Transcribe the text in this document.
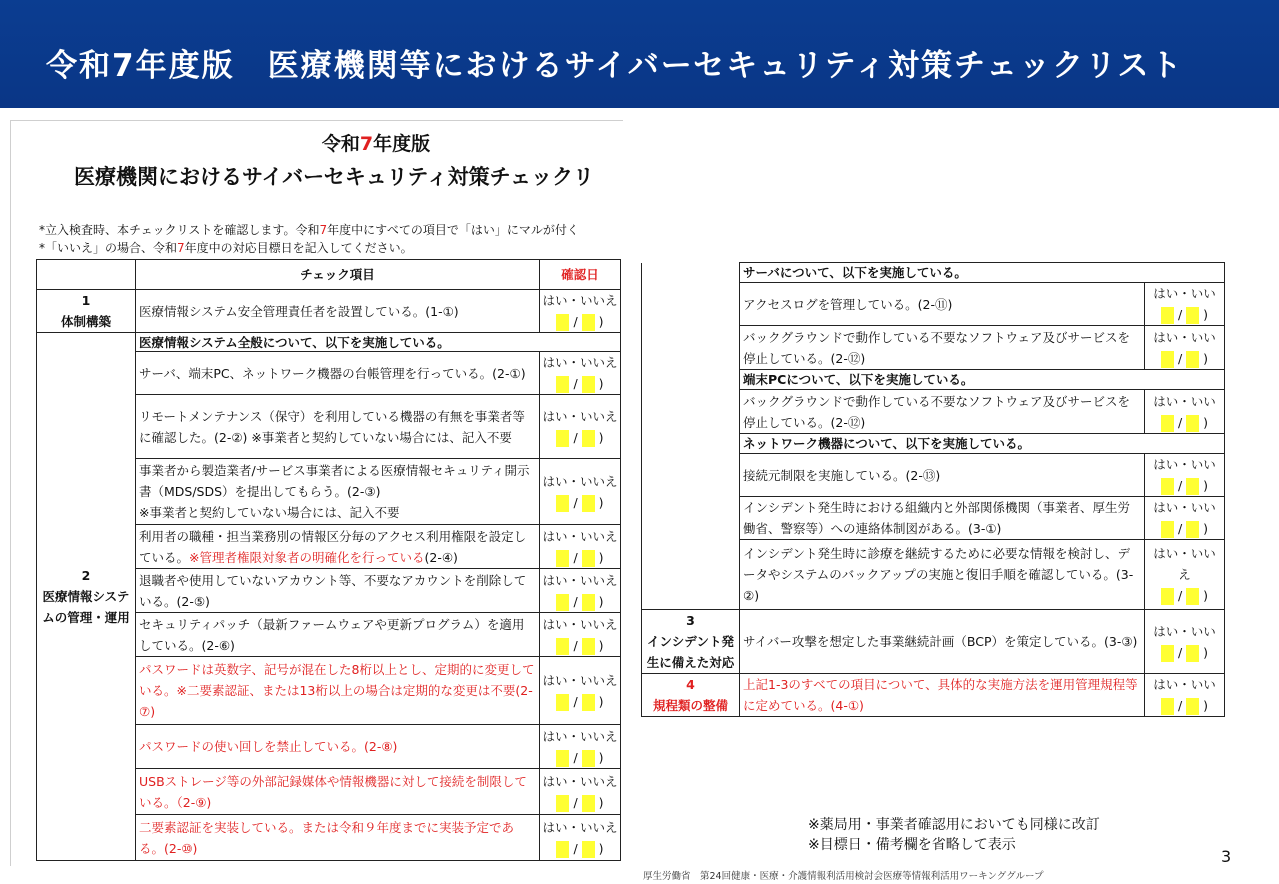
令和7年度版　医療機関等におけるサイバーセキュリティ対策チェックリスト
令和7年度版
医療機関におけるサイバーセキュリティ対策チェックリ
*立入検査時、本チェックリストを確認します。令和7年度中にすべての項目で「はい」にマルが付く
*「いいえ」の場合、令和7年度中の対応目標日を記入してください。
	チェック項目	確認日
1
体制構築	医療情報システム安全管理責任者を設置している。(1-①)	はい・いいえ
/  )

2
医療情報システムの管理・運用	医療情報システム全般について、以下を実施している。	
	サーバ、端末PC、ネットワーク機器の台帳管理を行っている。(2-①)	はい・いいえ
/  )

	リモートメンテナンス（保守）を利用している機器の有無を事業者等に確認した。(2-②) ※事業者と契約していない場合には、記入不要	はい・いいえ
/  )

	事業者から製造業者/サービス事業者による医療情報セキュリティ開示書（MDS/SDS）を提出してもらう。(2-③)
※事業者と契約していない場合には、記入不要	はい・いいえ
/  )

	利用者の職種・担当業務別の情報区分毎のアクセス利用権限を設定している。※管理者権限対象者の明確化を行っている(2-④)	はい・いいえ
/  )

	退職者や使用していないアカウント等、不要なアカウントを削除している。(2-⑤)	はい・いいえ
/  )

	セキュリティパッチ（最新ファームウェアや更新プログラム）を適用している。(2-⑥)	はい・いいえ
/  )

	パスワードは英数字、記号が混在した8桁以上とし、定期的に変更している。※二要素認証、または13桁以上の場合は定期的な変更は不要(2-⑦)	はい・いいえ
/  )

	パスワードの使い回しを禁止している。(2-⑧)	はい・いいえ
/  )

	USBストレージ等の外部記録媒体や情報機器に対して接続を制限している。（2-⑨)	はい・いいえ
/  )

	二要素認証を実装している。または令和９年度までに実装予定である。(2-⑩)	はい・いいえ
/  )
	サーバについて、以下を実施している。	
	アクセスログを管理している。(2-⑪)	はい・いい
/  )

	バックグラウンドで動作している不要なソフトウェア及びサービスを停止している。(2-⑫)	はい・いい
/  )

	端末PCについて、以下を実施している。	
	バックグラウンドで動作している不要なソフトウェア及びサービスを停止している。(2-⑫)	はい・いい
/  )

	ネットワーク機器について、以下を実施している。	
	接続元制限を実施している。(2-⑬)	はい・いい
/  )

	インシデント発生時における組織内と外部関係機関（事業者、厚生労働省、警察等）への連絡体制図がある。(3-①)	はい・いい
/  )

	インシデント発生時に診療を継続するために必要な情報を検討し、データやシステムのバックアップの実施と復旧手順を確認している。(3-②)	はい・いい
え
/  )

3
インシデント発生に備えた対応	サイバー攻撃を想定した事業継続計画（BCP）を策定している。(3-③)	はい・いい
/  )

4
規程類の整備	上記1-3のすべての項目について、具体的な実施方法を運用管理規程等に定めている。(4-①)	はい・いい
/  )
※薬局用・事業者確認用においても同様に改訂
※目標日・備考欄を省略して表示
3
厚生労働省　第24回健康・医療・介護情報利活用検討会医療等情報利活用ワーキンググループ
